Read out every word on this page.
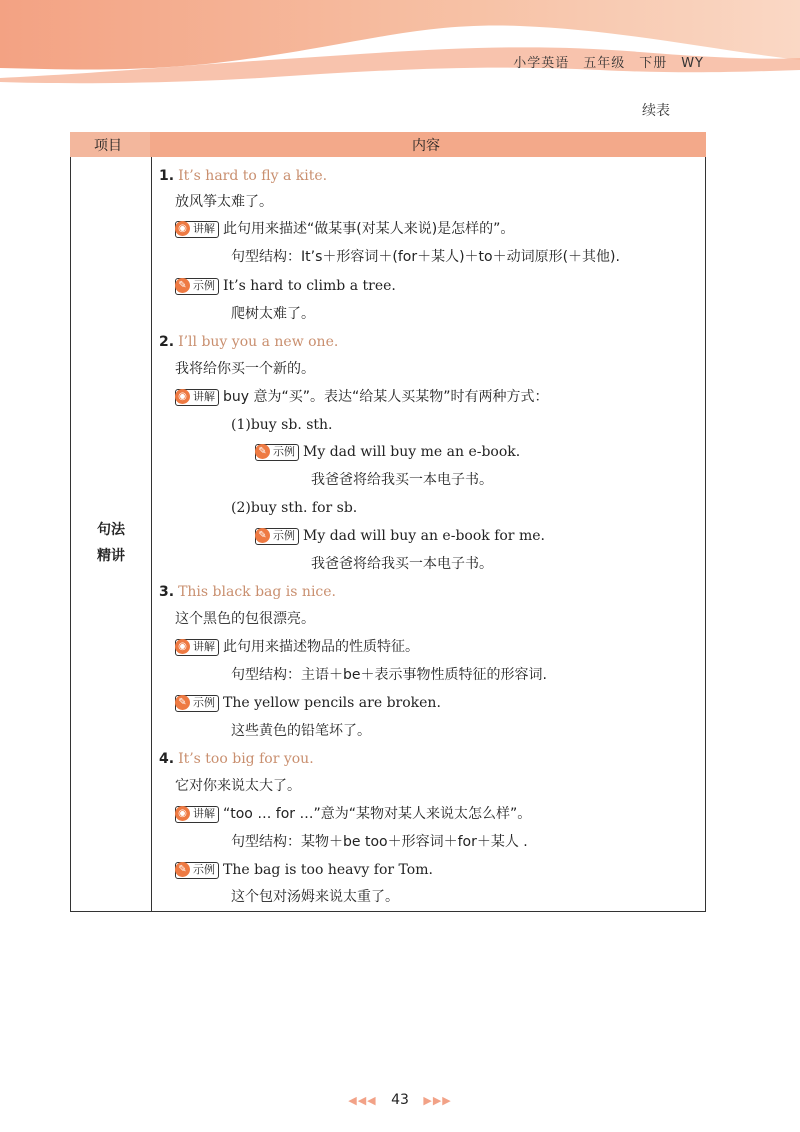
小学英语　五年级　下册　WY
续表
项目	内容
句法
精讲
1. It’s hard to fly a kite.
放风筝太难了。
◉ 讲解 此句用来描述“做某事(对某人来说)是怎样的”。
句型结构：It’s＋形容词＋(for＋某人)＋to＋动词原形(＋其他).
✎ 示例 It’s hard to climb a tree.
爬树太难了。
2. I’ll buy you a new one.
我将给你买一个新的。
◉ 讲解 buy 意为“买”。表达“给某人买某物”时有两种方式：
(1)buy sb. sth.
✎ 示例 My dad will buy me an e-book.
我爸爸将给我买一本电子书。
(2)buy sth. for sb.
✎ 示例 My dad will buy an e-book for me.
我爸爸将给我买一本电子书。
3. This black bag is nice.
这个黑色的包很漂亮。
◉ 讲解 此句用来描述物品的性质特征。
句型结构：主语＋be＋表示事物性质特征的形容词.
✎ 示例 The yellow pencils are broken.
这些黄色的铅笔坏了。
4. It’s too big for you.
它对你来说太大了。
◉ 讲解 “too … for …”意为“某物对某人来说太怎么样”。
句型结构：某物＋be too＋形容词＋for＋某人 .
✎ 示例 The bag is too heavy for Tom.
这个包对汤姆来说太重了。
◀◀◀ 43 ▶▶▶
